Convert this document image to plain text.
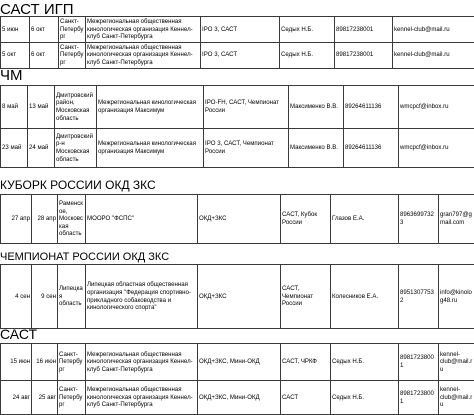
САСТ ИГП
5 июн	6 окт	Санкт-Петербург	Межрегиональная общественная кинологическая организация Кеннел-клуб Санкт-Петербурга	IPO 3, САСТ	Седых Н.Б.	89817238001	kennel-club@mail.ru
5 окт	6 окт	Санкт-Петербург	Межрегиональная общественная кинологическая организация Кеннел-клуб Санкт-Петербурга	IPO 3, САСТ	Седых Н.Б.	89817238001	kennel-club@mail.ru
ЧМ
8 май	13 май	Дмитровский район, Московская область	Межрегиональная кинологическая организация Максимум	IPO-FH, САСТ, Чемпионат России	Максименко В.В.	89264611136	wmcpcf@inbox.ru
23 май	24 май	Дмитровский р-н Московская область	Межрегиональная кинологическая организация Максимум	IPO 3, САСТ, Чемпионат России	Максименко В.В.	89264611136	wmcpcf@inbox.ru
КУБОРК РОССИИ ОКД ЗКС
27 апр	28 апр	Раменское, Московская область	МООРО "ФСПС"	ОКД+ЗКС	САСТ, Кубок России	Глазов Е.А.	89636997323	gran797@gmail.com
ЧЕМПИОНАТ РОССИИ ОКД ЗКС
4 сен	9 сен	Липецкая область	Липецкая областная общественная организация "Федерация спортивно-прикладного собаководства и кинологического спорта"	ОКД+ЗКС	САСТ, Чемпионат России	Колесников Е.А.	89513077532	info@kinolog48.ru
САСТ
15 июн	16 июн	Санкт-Петербург	Межрегиональная общественная кинологическая организация Кеннел-клуб Санкт-Петербурга	ОКД+ЗКС, Мини-ОКД	САСТ, ЧРКФ	Седых Н.Б.	89817238001	kennel-club@mail.ru
24 авг	25 авг	Санкт-Петербург	Межрегиональная общественная кинологическая организация Кеннел-клуб Санкт-Петербурга	ОКД+ЗКС, Мини-ОКД	САСТ	Седых Н.Б.	89817238001	kennel-club@mail.ru
